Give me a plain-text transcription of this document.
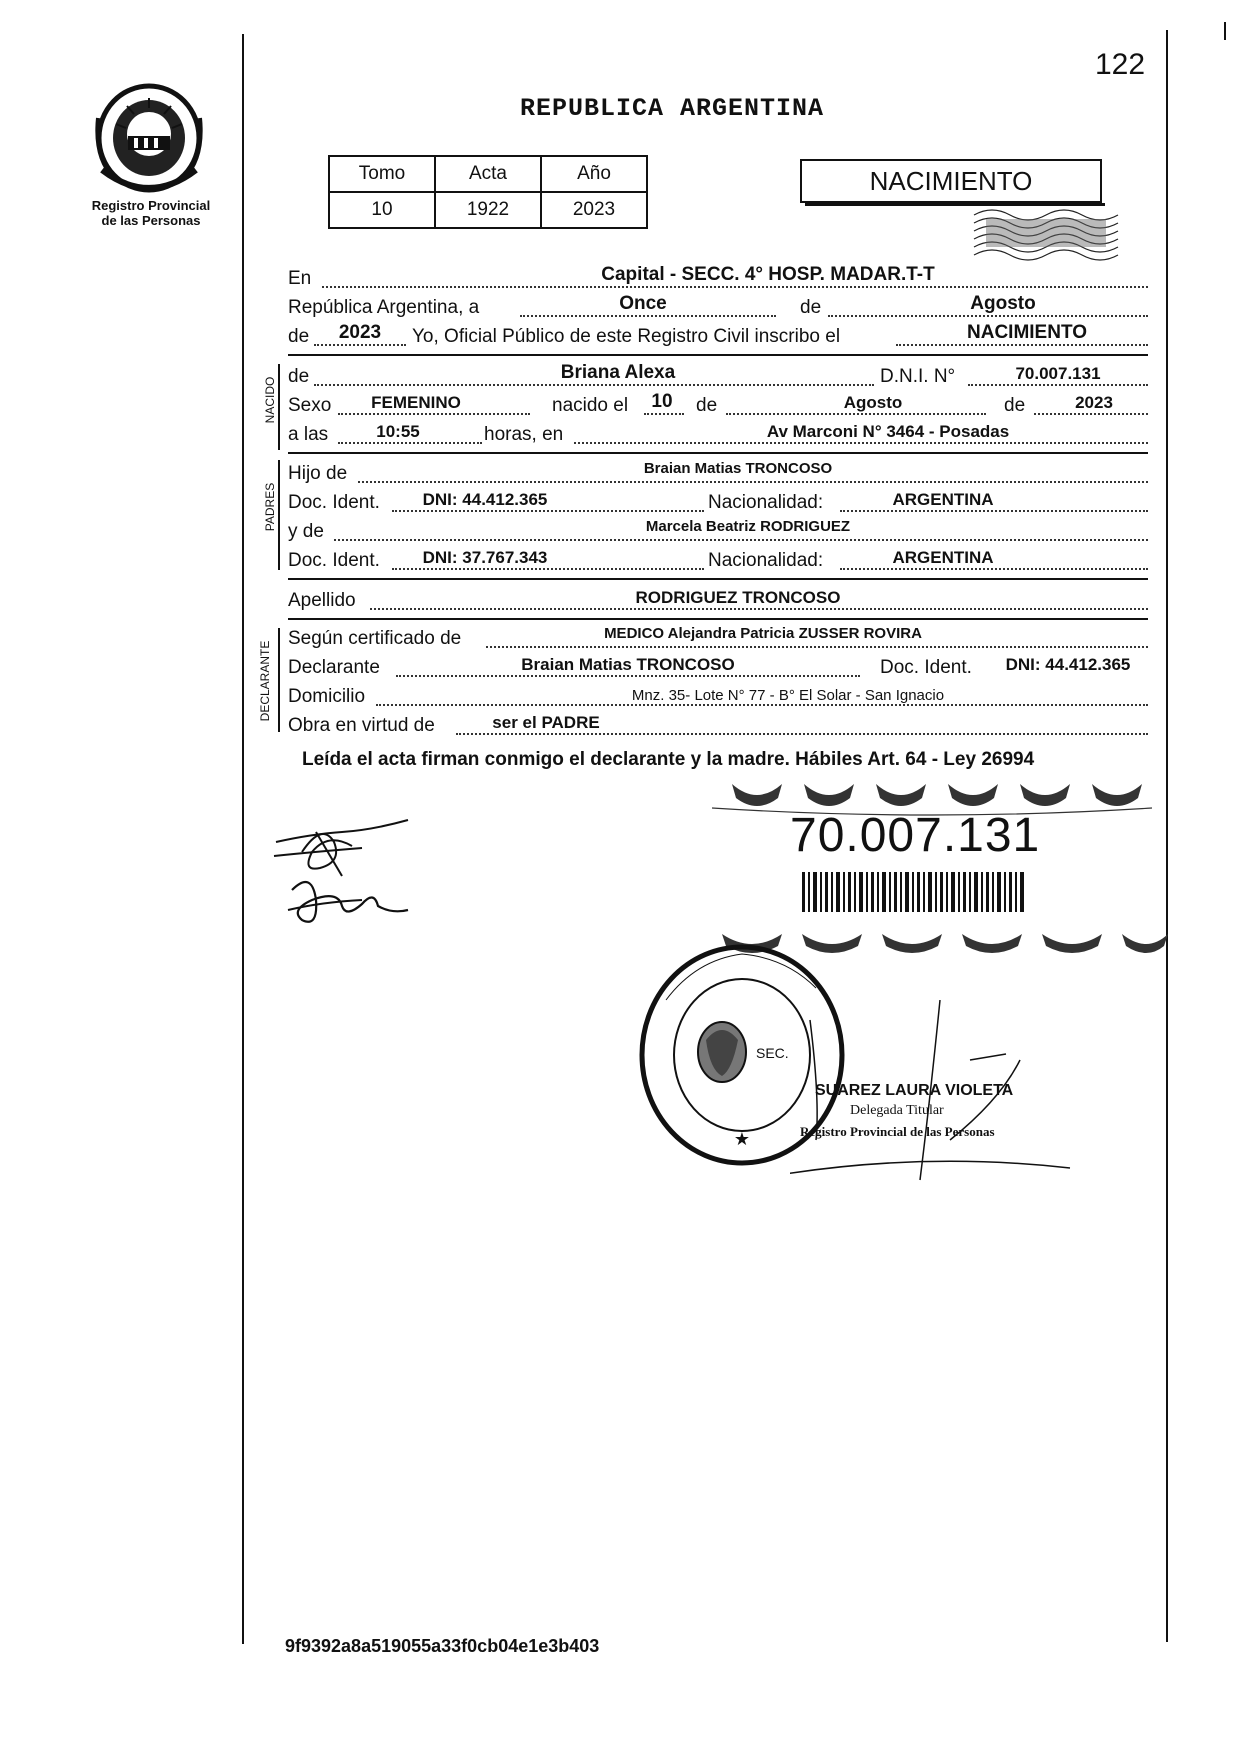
Registro Provincial
de las Personas
122
REPUBLICA ARGENTINA
Tomo	Acta	Año
10	1922	2023
NACIMIENTO
En	Capital - SECC. 4° HOSP. MADAR.T-T
República Argentina, a	Once	de	Agosto
de	2023	Yo, Oficial Público de este Registro Civil inscribo el	NACIMIENTO
NACIDO
de	Briana Alexa	D.N.I. N°	70.007.131
Sexo	FEMENINO	nacido el	10	de	Agosto	de	2023
a las	10:55	horas, en	Av Marconi N° 3464 - Posadas
PADRES
Hijo de	Braian Matias TRONCOSO
Doc. Ident.	DNI: 44.412.365	Nacionalidad:	ARGENTINA
y de	Marcela Beatriz RODRIGUEZ
Doc. Ident.	DNI: 37.767.343	Nacionalidad:	ARGENTINA
Apellido	RODRIGUEZ TRONCOSO
DECLARANTE
Según certificado de	MEDICO Alejandra Patricia ZUSSER ROVIRA
Declarante	Braian Matias TRONCOSO	Doc. Ident.	DNI: 44.412.365
Domicilio	Mnz. 35- Lote N° 77 - B° El Solar - San Ignacio
Obra en virtud de	ser el PADRE
Leída el acta firman conmigo el declarante y la madre. Hábiles Art. 64 - Ley 26994
70.007.131
SEC.
★
SUAREZ LAURA VIOLETA
Delegada Titular
Registro Provincial de las Personas
9f9392a8a519055a33f0cb04e1e3b403
